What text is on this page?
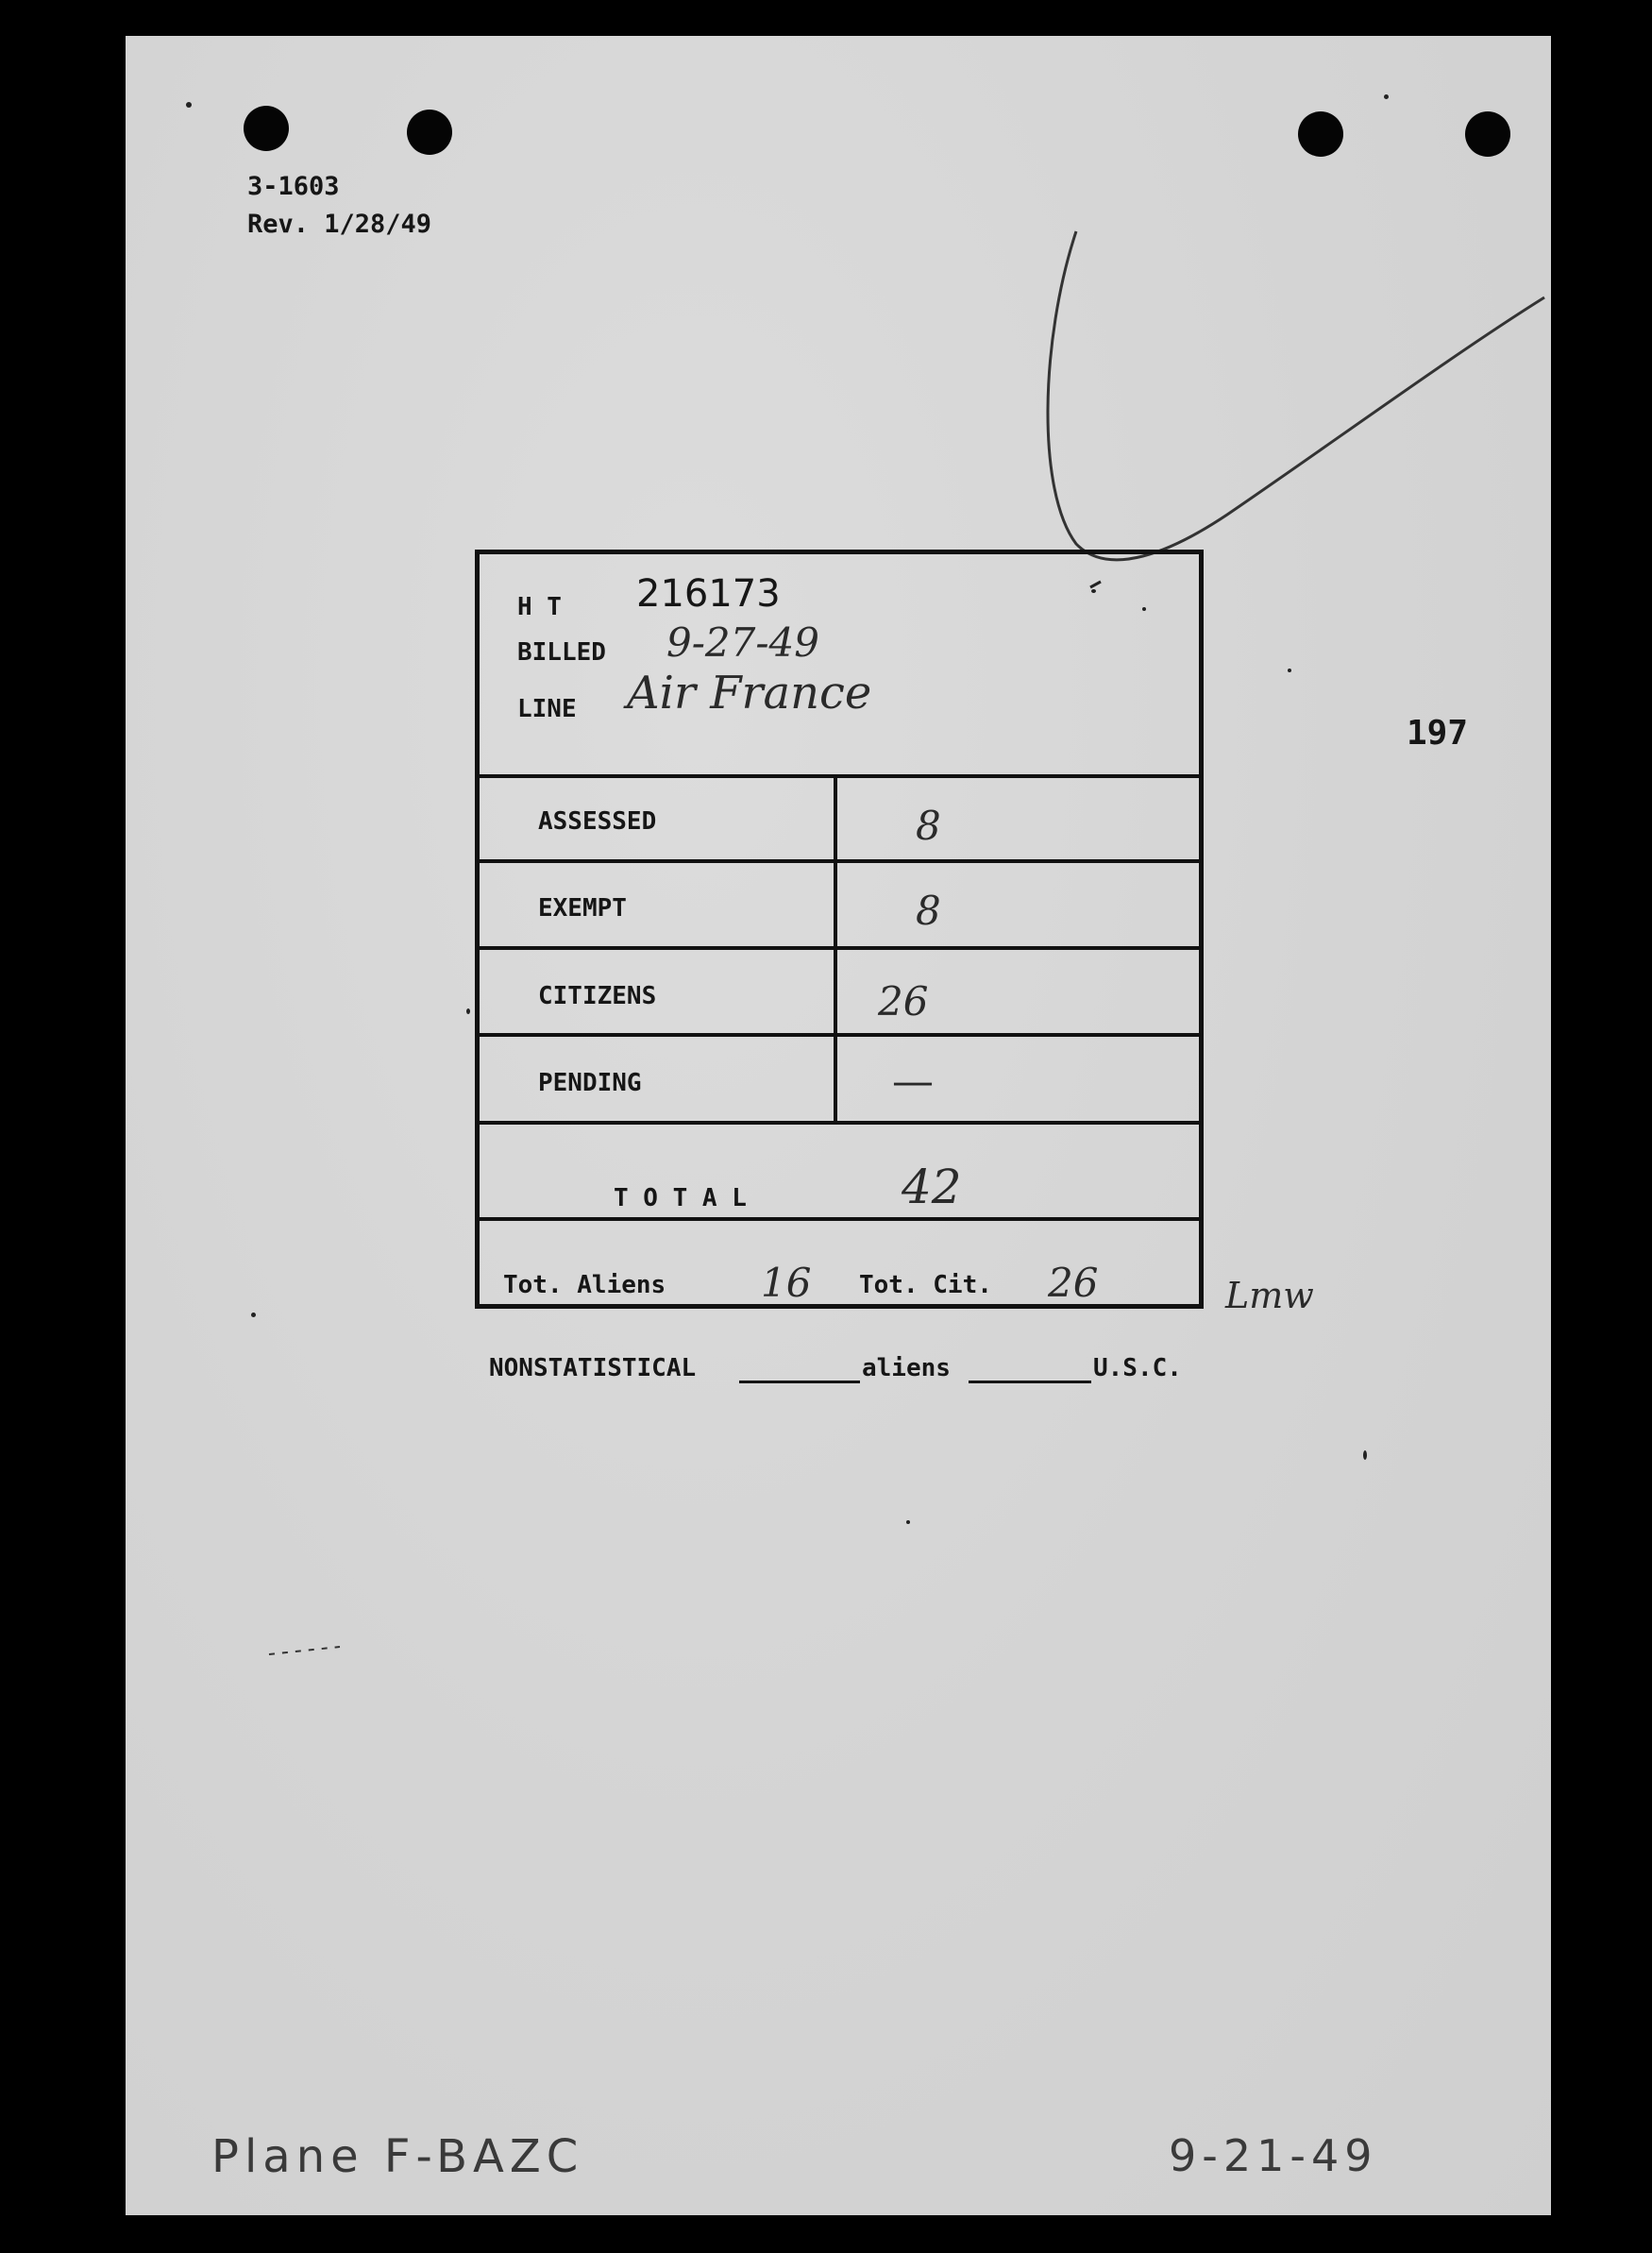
3-1603
Rev. 1/28/49
197
H T 216173
BILLED 9-27-49
LINE Air France
ASSESSED	8
EXEMPT	8
CITIZENS	26
PENDING	—
T O T A L	42
Tot. Aliens 16 Tot. Cit. 26	Lmw
NONSTATISTICAL	aliens	U.S.C.
Plane F-BAZC	9-21-49
